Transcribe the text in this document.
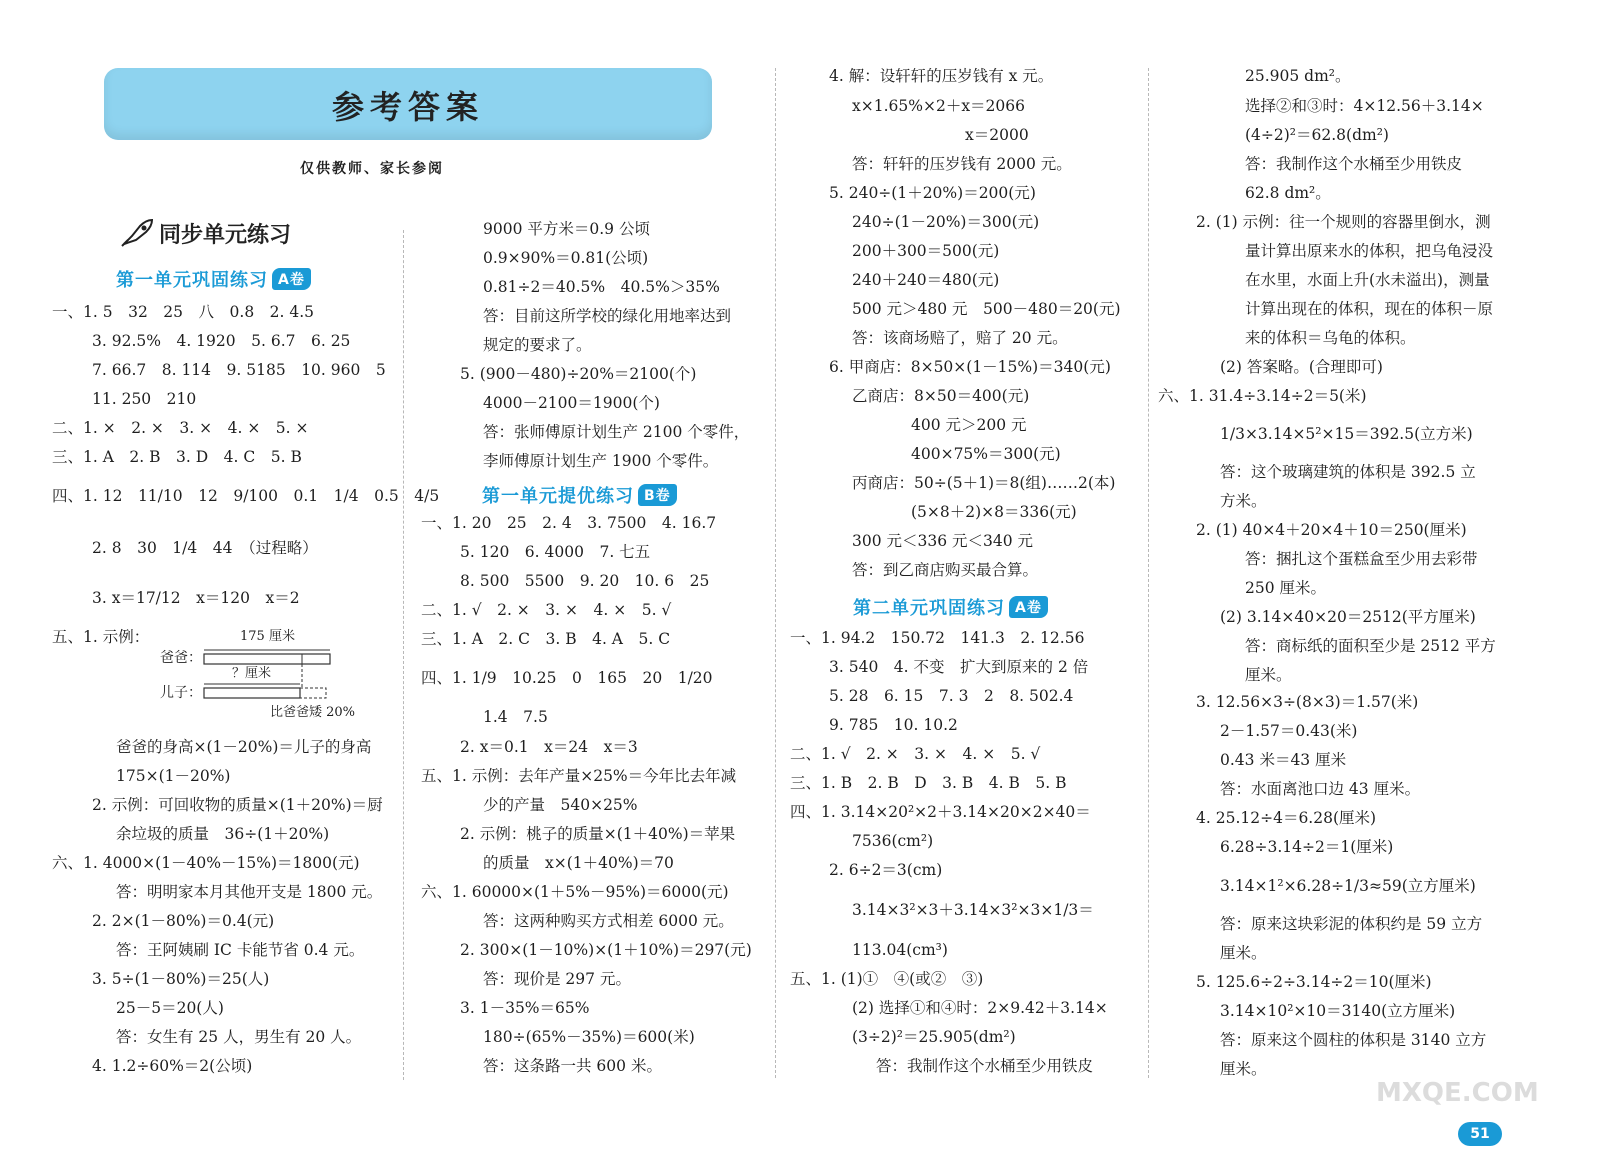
参考答案
仅供教师、家长参阅
同步单元练习
第一单元巩固练习 A卷
第一单元提优练习 B卷
第二单元巩固练习 A卷
一、1. 5　32　25　八　0.8　2. 4.5
3. 92.5%　4. 1920　5. 6.7　6. 25
7. 66.7　8. 114　9. 5185　10. 960　5
11. 250　210
二、1. ×　2. ×　3. ×　4. ×　5. ×
三、1. A　2. B　3. D　4. C　5. B
四、1. 12　11/10　12　9/100　0.1　1/4　0.5　4/5
2. 8　30　1/4　44　（过程略）
3. x＝17/12　x＝120　x＝2
五、1. 示例：	175 厘米
爸爸：
？厘米
儿子：
比爸爸矮 20%
爸爸的身高×(1－20%)＝儿子的身高
175×(1－20%)
2. 示例：可回收物的质量×(1＋20%)＝厨
余垃圾的质量　36÷(1＋20%)
六、1. 4000×(1－40%－15%)＝1800(元)
答：明明家本月其他开支是 1800 元。
2. 2×(1－80%)＝0.4(元)
答：王阿姨刷 IC 卡能节省 0.4 元。
3. 5÷(1－80%)＝25(人)
25－5＝20(人)
答：女生有 25 人，男生有 20 人。
4. 1.2÷60%＝2(公顷)
9000 平方米＝0.9 公顷
0.9×90%＝0.81(公顷)
0.81÷2＝40.5%　40.5%＞35%
答：目前这所学校的绿化用地率达到
规定的要求了。
5. (900－480)÷20%＝2100(个)
4000－2100＝1900(个)
答：张师傅原计划生产 2100 个零件，
李师傅原计划生产 1900 个零件。
一、1. 20　25　2. 4　3. 7500　4. 16.7
5. 120　6. 4000　7. 七五
8. 500　5500　9. 20　10. 6　25
二、1. √　2. ×　3. ×　4. ×　5. √
三、1. A　2. C　3. B　4. A　5. C
四、1. 1/9　10.25　0　165　20　1/20
1.4　7.5
2. x＝0.1　x＝24　x＝3
五、1. 示例：去年产量×25%＝今年比去年减
少的产量　540×25%
2. 示例：桃子的质量×(1＋40%)＝苹果
的质量　x×(1＋40%)＝70
六、1. 60000×(1＋5%－95%)＝6000(元)
答：这两种购买方式相差 6000 元。
2. 300×(1－10%)×(1＋10%)＝297(元)
答：现价是 297 元。
3. 1－35%＝65%
180÷(65%－35%)＝600(米)
答：这条路一共 600 米。
4. 解：设轩轩的压岁钱有 x 元。
x×1.65%×2＋x＝2066
x＝2000
答：轩轩的压岁钱有 2000 元。
5. 240÷(1＋20%)＝200(元)
240÷(1－20%)＝300(元)
200＋300＝500(元)
240＋240＝480(元)
500 元＞480 元　500－480＝20(元)
答：该商场赔了，赔了 20 元。
6. 甲商店：8×50×(1－15%)＝340(元)
乙商店：8×50＝400(元)
400 元＞200 元
400×75%＝300(元)
丙商店：50÷(5＋1)＝8(组)……2(本)
(5×8＋2)×8＝336(元)
300 元＜336 元＜340 元
答：到乙商店购买最合算。
一、1. 94.2　150.72　141.3　2. 12.56
3. 540　4. 不变　扩大到原来的 2 倍
5. 28　6. 15　7. 3　2　8. 502.4
9. 785　10. 10.2
二、1. √　2. ×　3. ×　4. ×　5. √
三、1. B　2. B　D　3. B　4. B　5. B
四、1. 3.14×20²×2＋3.14×20×2×40＝
7536(cm²)
2. 6÷2＝3(cm)
3.14×3²×3＋3.14×3²×3×1/3＝
113.04(cm³)
五、1. (1)①　④(或②　③)
(2) 选择①和④时：2×9.42＋3.14×
(3÷2)²＝25.905(dm²)
答：我制作这个水桶至少用铁皮
25.905 dm²。
选择②和③时：4×12.56＋3.14×
(4÷2)²＝62.8(dm²)
答：我制作这个水桶至少用铁皮
62.8 dm²。
2. (1) 示例：往一个规则的容器里倒水，测
量计算出原来水的体积，把乌龟浸没
在水里，水面上升(水未溢出)，测量
计算出现在的体积，现在的体积－原
来的体积＝乌龟的体积。
(2) 答案略。(合理即可)
六、1. 31.4÷3.14÷2＝5(米)
1/3×3.14×5²×15＝392.5(立方米)
答：这个玻璃建筑的体积是 392.5 立
方米。
2. (1) 40×4＋20×4＋10＝250(厘米)
答：捆扎这个蛋糕盒至少用去彩带
250 厘米。
(2) 3.14×40×20＝2512(平方厘米)
答：商标纸的面积至少是 2512 平方
厘米。
3. 12.56×3÷(8×3)＝1.57(米)
2－1.57＝0.43(米)
0.43 米＝43 厘米
答：水面离池口边 43 厘米。
4. 25.12÷4＝6.28(厘米)
6.28÷3.14÷2＝1(厘米)
3.14×1²×6.28÷1/3≈59(立方厘米)
答：原来这块彩泥的体积约是 59 立方
厘米。
5. 125.6÷2÷3.14÷2＝10(厘米)
3.14×10²×10＝3140(立方厘米)
答：原来这个圆柱的体积是 3140 立方
厘米。
MXQE.COM
51
